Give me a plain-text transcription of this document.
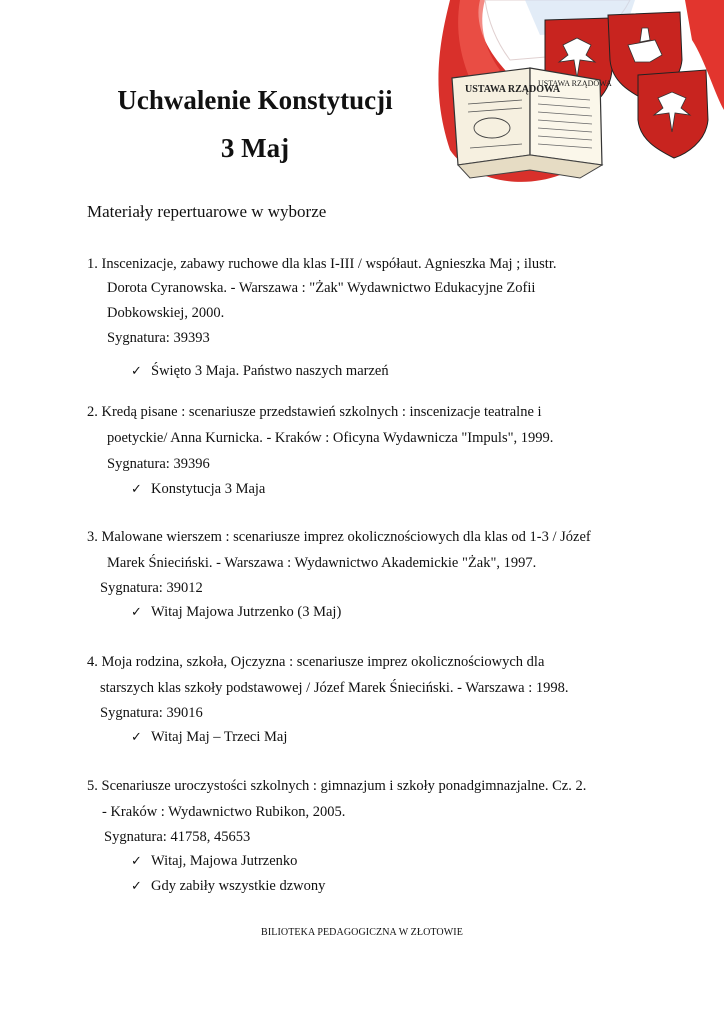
USTAWA RZĄDOWA
USTAWA RZĄDOWA
Uchwalenie Konstytucji
3 Maj

Materiały repertuarowe w wyborze

1. Inscenizacje, zabawy ruchowe dla klas I-III / współaut. Agnieszka Maj ; ilustr.
Dorota Cyranowska. - Warszawa : "Żak" Wydawnictwo Edukacyjne Zofii
Dobkowskiej, 2000.
Sygnatura: 39393
✓ Święto 3 Maja. Państwo naszych marzeń
2. Kredą pisane : scenariusze przedstawień szkolnych : inscenizacje teatralne i
poetyckie/ Anna Kurnicka. - Kraków : Oficyna Wydawnicza "Impuls", 1999.
Sygnatura: 39396
✓ Konstytucja 3 Maja
3. Malowane wierszem : scenariusze imprez okolicznościowych dla klas od 1-3 / Józef
Marek Śnieciński. - Warszawa : Wydawnictwo Akademickie "Żak", 1997.
Sygnatura: 39012
✓ Witaj Majowa Jutrzenko (3 Maj)
4. Moja rodzina, szkoła, Ojczyzna : scenariusze imprez okolicznościowych dla
starszych klas szkoły podstawowej / Józef Marek Śnieciński. - Warszawa : 1998.
Sygnatura: 39016
✓ Witaj Maj – Trzeci Maj
5. Scenariusze uroczystości szkolnych : gimnazjum i szkoły ponadgimnazjalne. Cz. 2.
- Kraków : Wydawnictwo Rubikon, 2005.
Sygnatura: 41758, 45653
✓ Witaj, Majowa Jutrzenko
✓ Gdy zabiły wszystkie dzwony
BILIOTEKA PEDAGOGICZNA W ZŁOTOWIE
